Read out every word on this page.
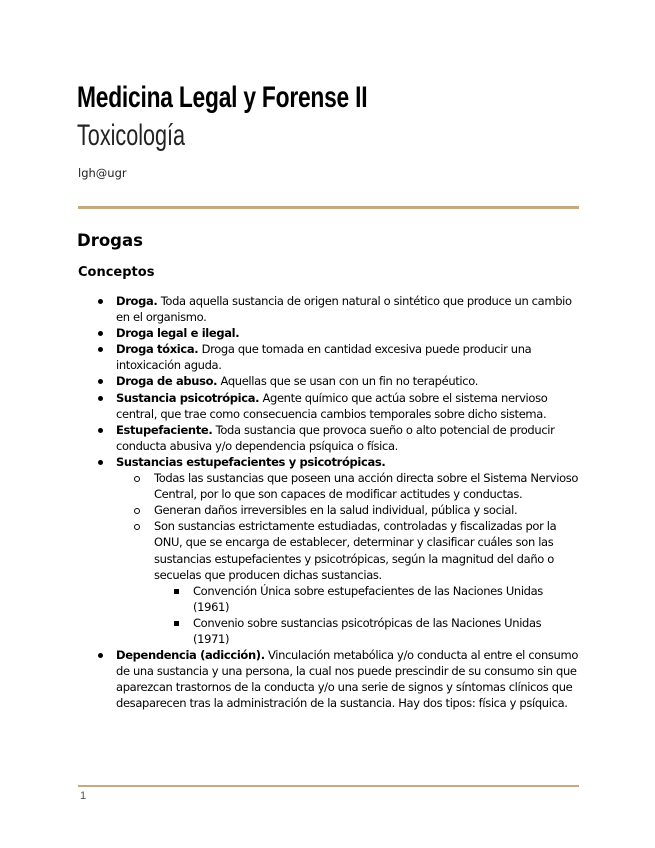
Medicina Legal y Forense II
Toxicología
lgh@ugr
Drogas
Conceptos
Droga. Toda aquella sustancia de origen natural o sintético que produce un cambio en el organismo.
Droga legal e ilegal.
Droga tóxica. Droga que tomada en cantidad excesiva puede producir una intoxicación aguda.
Droga de abuso. Aquellas que se usan con un fin no terapéutico.
Sustancia psicotrópica. Agente químico que actúa sobre el sistema nervioso central, que trae como consecuencia cambios temporales sobre dicho sistema.
Estupefaciente. Toda sustancia que provoca sueño o alto potencial de producir conducta abusiva y/o dependencia psíquica o física.
Sustancias estupefacientes y psicotrópicas.
Todas las sustancias que poseen una acción directa sobre el Sistema Nervioso Central, por lo que son capaces de modificar actitudes y conductas.
Generan daños irreversibles en la salud individual, pública y social.
Son sustancias estrictamente estudiadas, controladas y fiscalizadas por la ONU, que se encarga de establecer, determinar y clasificar cuáles son las sustancias estupefacientes y psicotrópicas, según la magnitud del daño o secuelas que producen dichas sustancias.
Convención Única sobre estupefacientes de las Naciones Unidas (1961)
Convenio sobre sustancias psicotrópicas de las Naciones Unidas (1971)
Dependencia (adicción). Vinculación metabólica y/o conducta al entre el consumo de una sustancia y una persona, la cual nos puede prescindir de su consumo sin que aparezcan trastornos de la conducta y/o una serie de signos y síntomas clínicos que desaparecen tras la administración de la sustancia. Hay dos tipos: física y psíquica.
1
